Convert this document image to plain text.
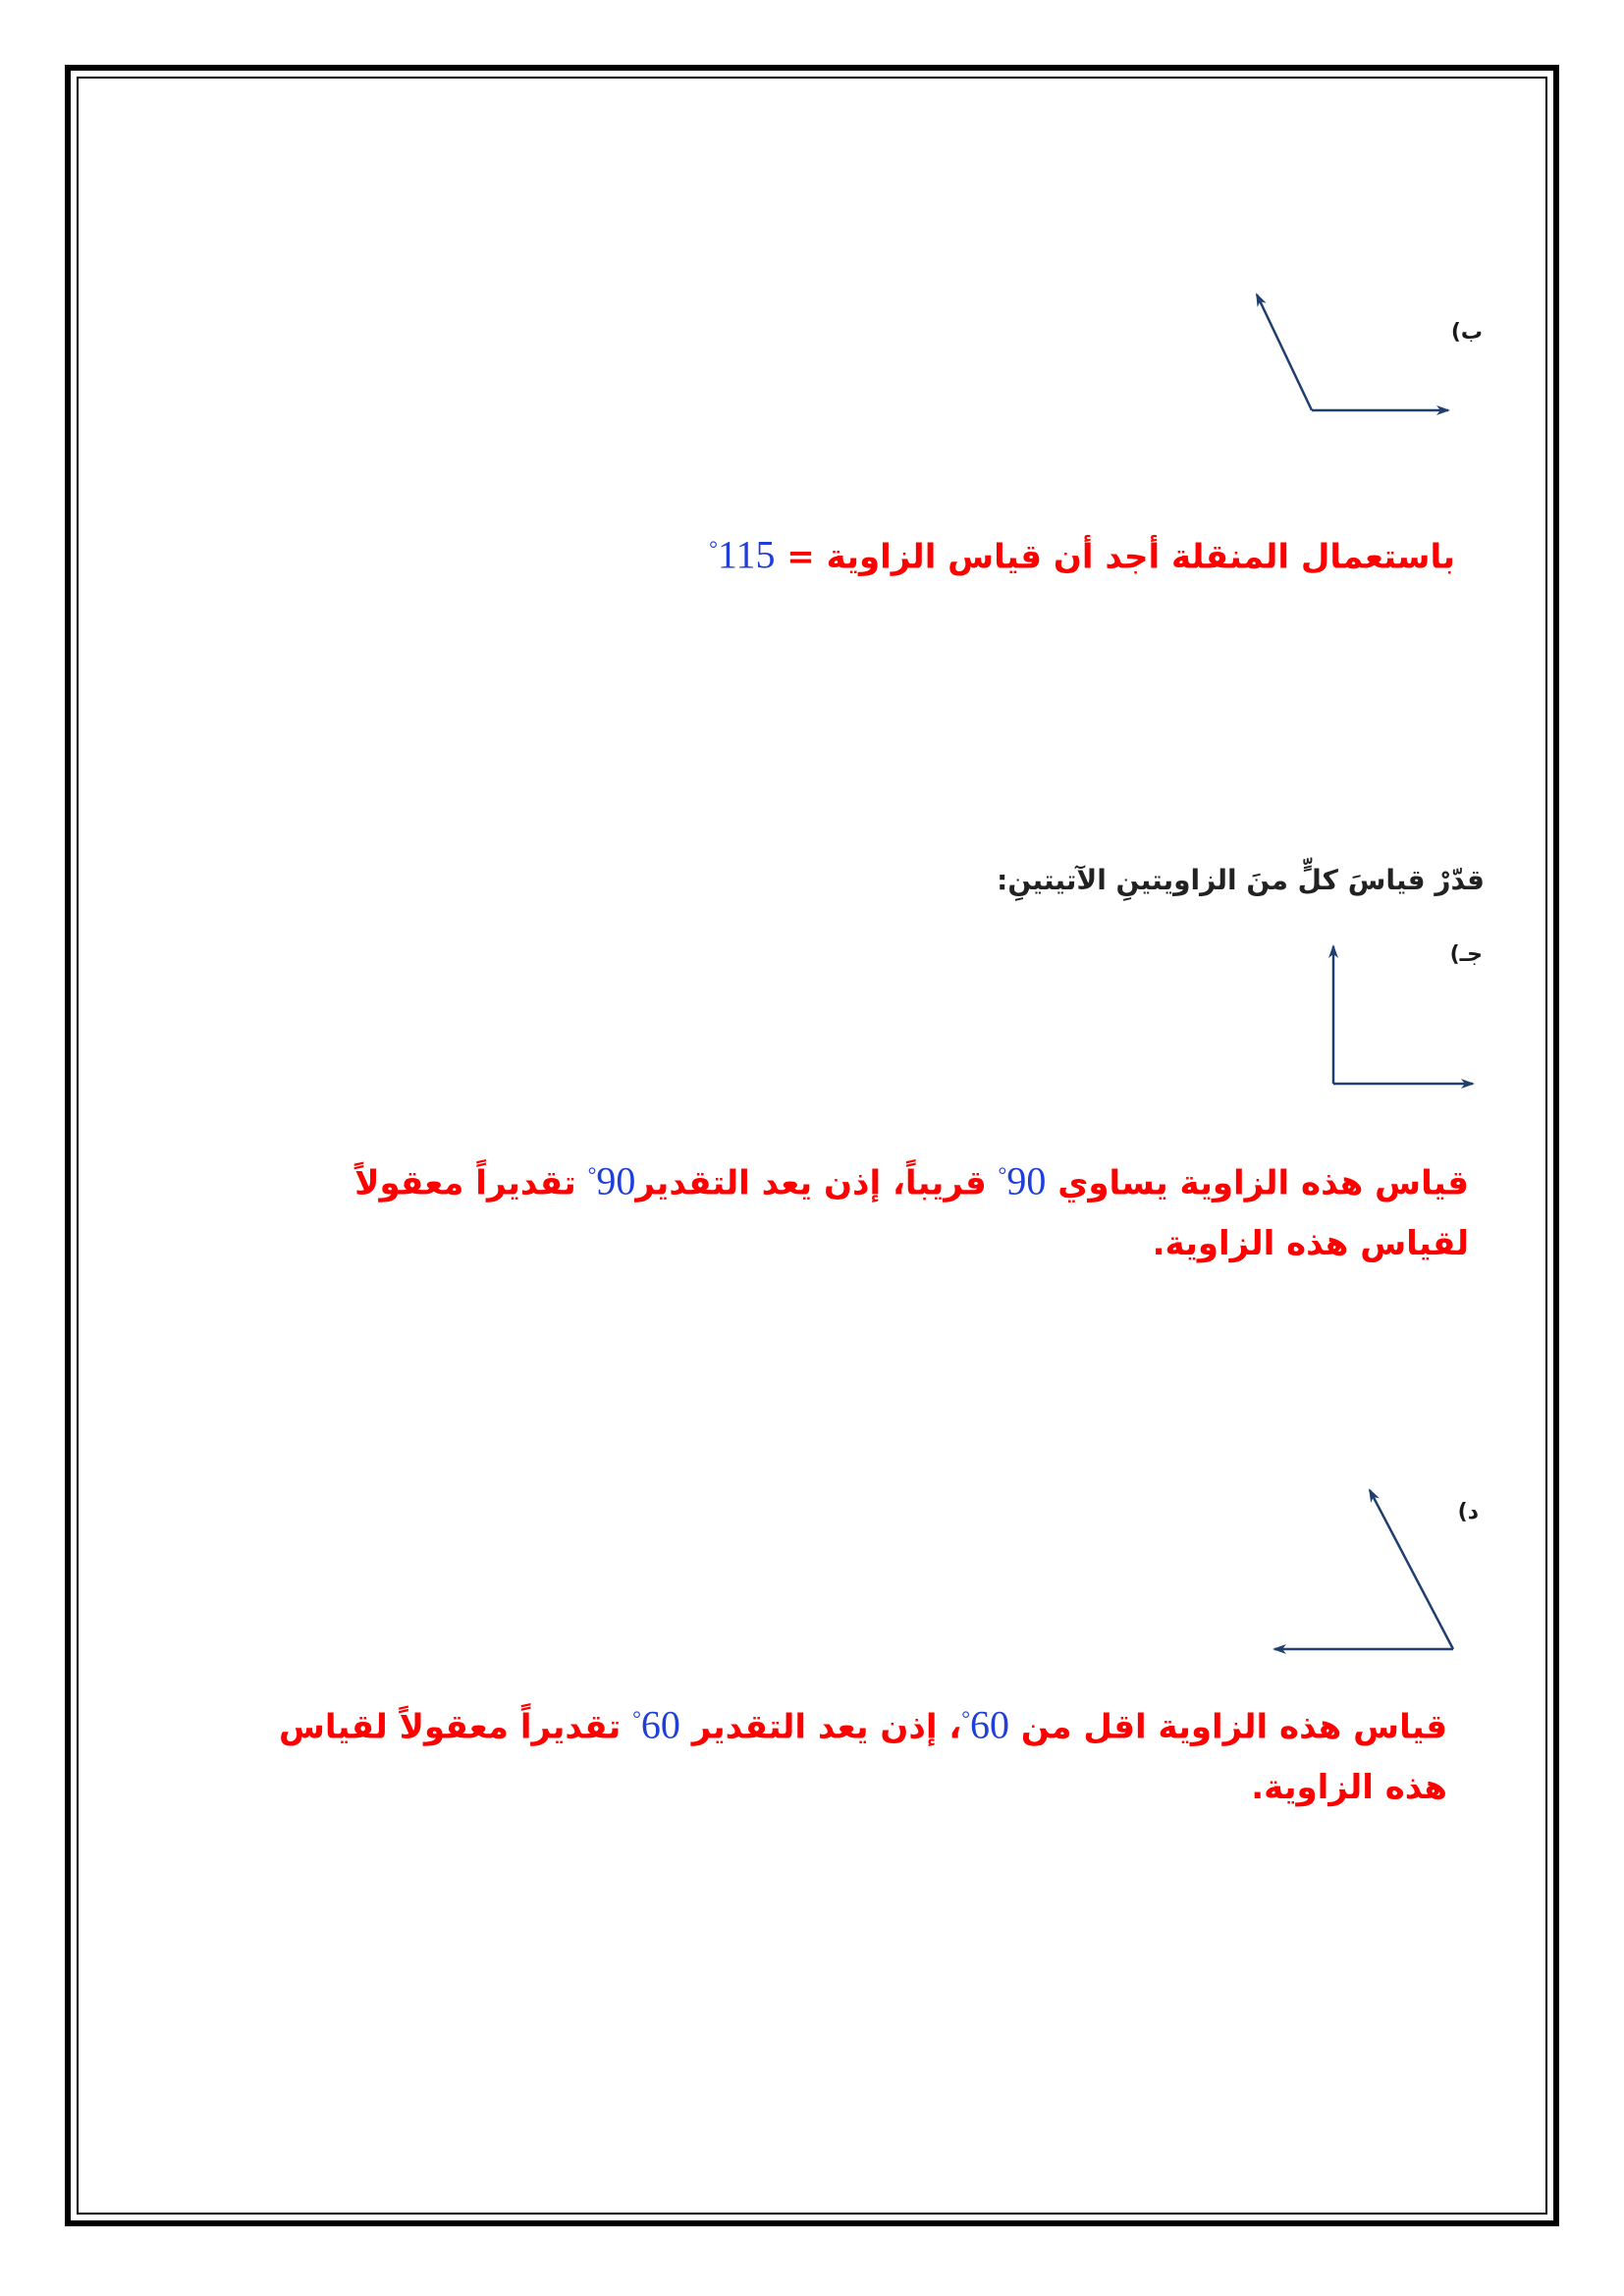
ب)
باستعمال المنقلة أجد أن قياس الزاوية = 115°
قدّرْ قياسَ كلٍّ منَ الزاويتينِ الآتيتينِ:
جـ)
قياس هذه الزاوية يساوي 90° قريباً، إذن يعد التقدير90° تقديراً معقولاً لقياس هذه الزاوية.
د)
قياس هذه الزاوية اقل من 60°، إذن يعد التقدير 60° تقديراً معقولاً لقياس هذه الزاوية.
